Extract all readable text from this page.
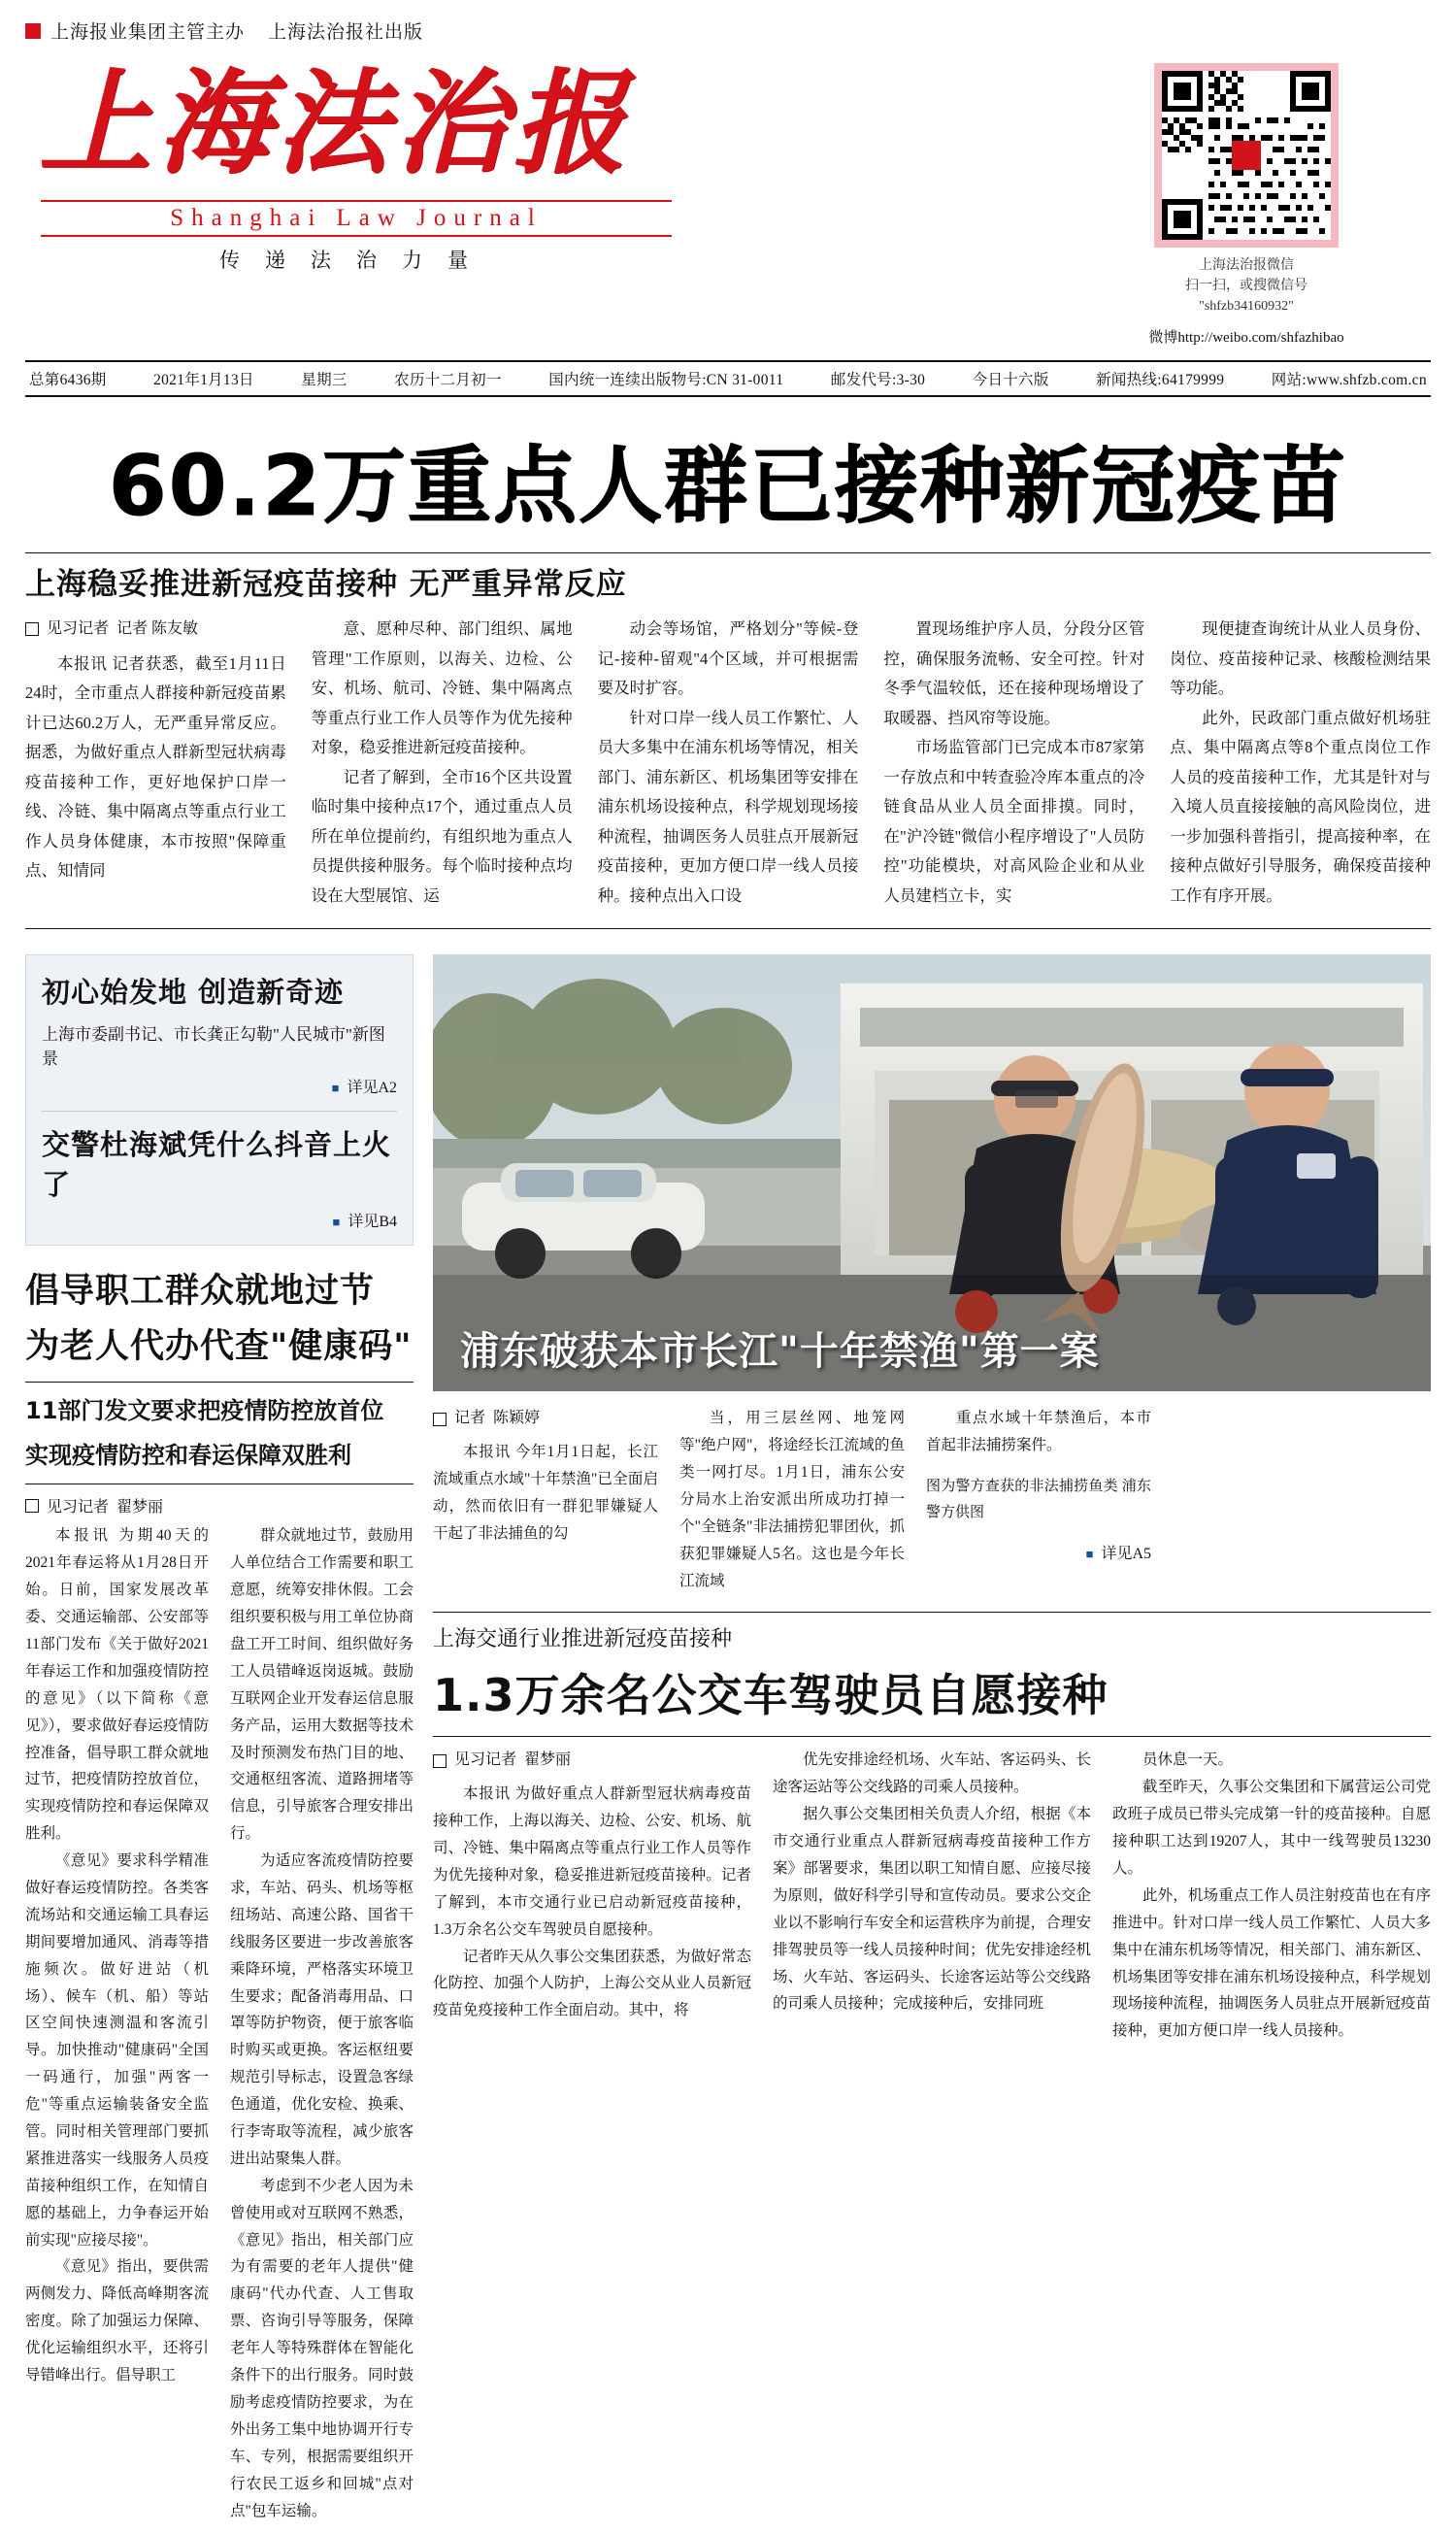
上海报业集团主管主办 上海法治报社出版
上海法治报
Shanghai Law Journal
传递法治力量	上海法治报微信
扫一扫，或搜微信号
"shfzb34160932"
微博http://weibo.com/shfazhibao
总第6436期	2021年1月13日	星期三	农历十二月初一	国内统一连续出版物号:CN 31-0011	邮发代号:3-30	今日十六版	新闻热线:64179999	网站:www.shfzb.com.cn
60.2万重点人群已接种新冠疫苗
上海稳妥推进新冠疫苗接种 无严重异常反应
见习记者 记者 陈友敏

本报讯 记者获悉，截至1月11日24时，全市重点人群接种新冠疫苗累计已达60.2万人，无严重异常反应。据悉，为做好重点人群新型冠状病毒疫苗接种工作，更好地保护口岸一线、冷链、集中隔离点等重点行业工作人员身体健康，本市按照"保障重点、知情同

意、愿种尽种、部门组织、属地管理"工作原则，以海关、边检、公安、机场、航司、冷链、集中隔离点等重点行业工作人员等作为优先接种对象，稳妥推进新冠疫苗接种。

记者了解到，全市16个区共设置临时集中接种点17个，通过重点人员所在单位提前约，有组织地为重点人员提供接种服务。每个临时接种点均设在大型展馆、运

动会等场馆，严格划分"等候-登记-接种-留观"4个区域，并可根据需要及时扩容。

针对口岸一线人员工作繁忙、人员大多集中在浦东机场等情况，相关部门、浦东新区、机场集团等安排在浦东机场设接种点，科学规划现场接种流程，抽调医务人员驻点开展新冠疫苗接种，更加方便口岸一线人员接种。接种点出入口设

置现场维护序人员，分段分区管控，确保服务流畅、安全可控。针对冬季气温较低，还在接种现场增设了取暖器、挡风帘等设施。

市场监管部门已完成本市87家第一存放点和中转查验冷库本重点的冷链食品从业人员全面排摸。同时，在"沪冷链"微信小程序增设了"人员防控"功能模块，对高风险企业和从业人员建档立卡，实

现便捷查询统计从业人员身份、岗位、疫苗接种记录、核酸检测结果等功能。

此外，民政部门重点做好机场驻点、集中隔离点等8个重点岗位工作人员的疫苗接种工作，尤其是针对与入境人员直接接触的高风险岗位，进一步加强科普指引，提高接种率，在接种点做好引导服务，确保疫苗接种工作有序开展。

初心始发地 创造新奇迹

上海市委副书记、市长龚正勾勒"人民城市"新图景

■ 详见A2
交警杜海斌凭什么抖音上火了
■ 详见B4
倡导职工群众就地过节
为老人代办代查"健康码"
11部门发文要求把疫情防控放首位
实现疫情防控和春运保障双胜利
见习记者 翟梦丽

本报讯 为期40天的2021年春运将从1月28日开始。日前，国家发展改革委、交通运输部、公安部等11部门发布《关于做好2021年春运工作和加强疫情防控的意见》（以下简称《意见》），要求做好春运疫情防控准备，倡导职工群众就地过节，把疫情防控放首位，实现疫情防控和春运保障双胜利。

《意见》要求科学精准做好春运疫情防控。各类客流场站和交通运输工具春运期间要增加通风、消毒等措施频次。做好进站（机场）、候车（机、船）等站区空间快速测温和客流引导。加快推动"健康码"全国一码通行，加强"两客一危"等重点运输装备安全监管。同时相关管理部门要抓紧推进落实一线服务人员疫苗接种组织工作，在知情自愿的基础上，力争春运开始前实现"应接尽接"。

《意见》指出，要供需两侧发力、降低高峰期客流密度。除了加强运力保障、优化运输组织水平，还将引导错峰出行。倡导职工

群众就地过节，鼓励用人单位结合工作需要和职工意愿，统筹安排休假。工会组织要积极与用工单位协商盘工开工时间、组织做好务工人员错峰返岗返城。鼓励互联网企业开发春运信息服务产品，运用大数据等技术及时预测发布热门目的地、交通枢纽客流、道路拥堵等信息，引导旅客合理安排出行。

为适应客流疫情防控要求，车站、码头、机场等枢纽场站、高速公路、国省干线服务区要进一步改善旅客乘降环境，严格落实环境卫生要求；配备消毒用品、口罩等防护物资，便于旅客临时购买或更换。客运枢纽要规范引导标志，设置急客绿色通道，优化安检、换乘、行李寄取等流程，减少旅客进出站聚集人群。

考虑到不少老人因为未曾使用或对互联网不熟悉，《意见》指出，相关部门应为有需要的老年人提供"健康码"代办代查、人工售取票、咨询引导等服务，保障老年人等特殊群体在智能化条件下的出行服务。同时鼓励考虑疫情防控要求，为在外出务工集中地协调开行专车、专列，根据需要组织开行农民工返乡和回城"点对点"包车运输。

浦东破获本市长江"十年禁渔"第一案
记者 陈颖婷

本报讯 今年1月1日起，长江流域重点水域"十年禁渔"已全面启动，然而依旧有一群犯罪嫌疑人干起了非法捕鱼的勾

当，用三层丝网、地笼网等"绝户网"，将途经长江流域的鱼类一网打尽。1月1日，浦东公安分局水上治安派出所成功打掉一个"全链条"非法捕捞犯罪团伙，抓获犯罪嫌疑人5名。这也是今年长江流域

重点水域十年禁渔后，本市首起非法捕捞案件。

图为警方查获的非法捕捞鱼类 浦东警方供图

■ 详见A5
上海交通行业推进新冠疫苗接种
1.3万余名公交车驾驶员自愿接种
见习记者 翟梦丽

本报讯 为做好重点人群新型冠状病毒疫苗接种工作，上海以海关、边检、公安、机场、航司、冷链、集中隔离点等重点行业工作人员等作为优先接种对象，稳妥推进新冠疫苗接种。记者了解到，本市交通行业已启动新冠疫苗接种，1.3万余名公交车驾驶员自愿接种。

记者昨天从久事公交集团获悉，为做好常态化防控、加强个人防护，上海公交从业人员新冠疫苗免疫接种工作全面启动。其中，将

优先安排途经机场、火车站、客运码头、长途客运站等公交线路的司乘人员接种。

据久事公交集团相关负责人介绍，根据《本市交通行业重点人群新冠病毒疫苗接种工作方案》部署要求，集团以职工知情自愿、应接尽接为原则，做好科学引导和宣传动员。要求公交企业以不影响行车安全和运营秩序为前提，合理安排驾驶员等一线人员接种时间；优先安排途经机场、火车站、客运码头、长途客运站等公交线路的司乘人员接种；完成接种后，安排同班

员休息一天。

截至昨天，久事公交集团和下属营运公司党政班子成员已带头完成第一针的疫苗接种。自愿接种职工达到19207人，其中一线驾驶员13230人。

此外，机场重点工作人员注射疫苗也在有序推进中。针对口岸一线人员工作繁忙、人员大多集中在浦东机场等情况，相关部门、浦东新区、机场集团等安排在浦东机场设接种点，科学规划现场接种流程，抽调医务人员驻点开展新冠疫苗接种，更加方便口岸一线人员接种。
